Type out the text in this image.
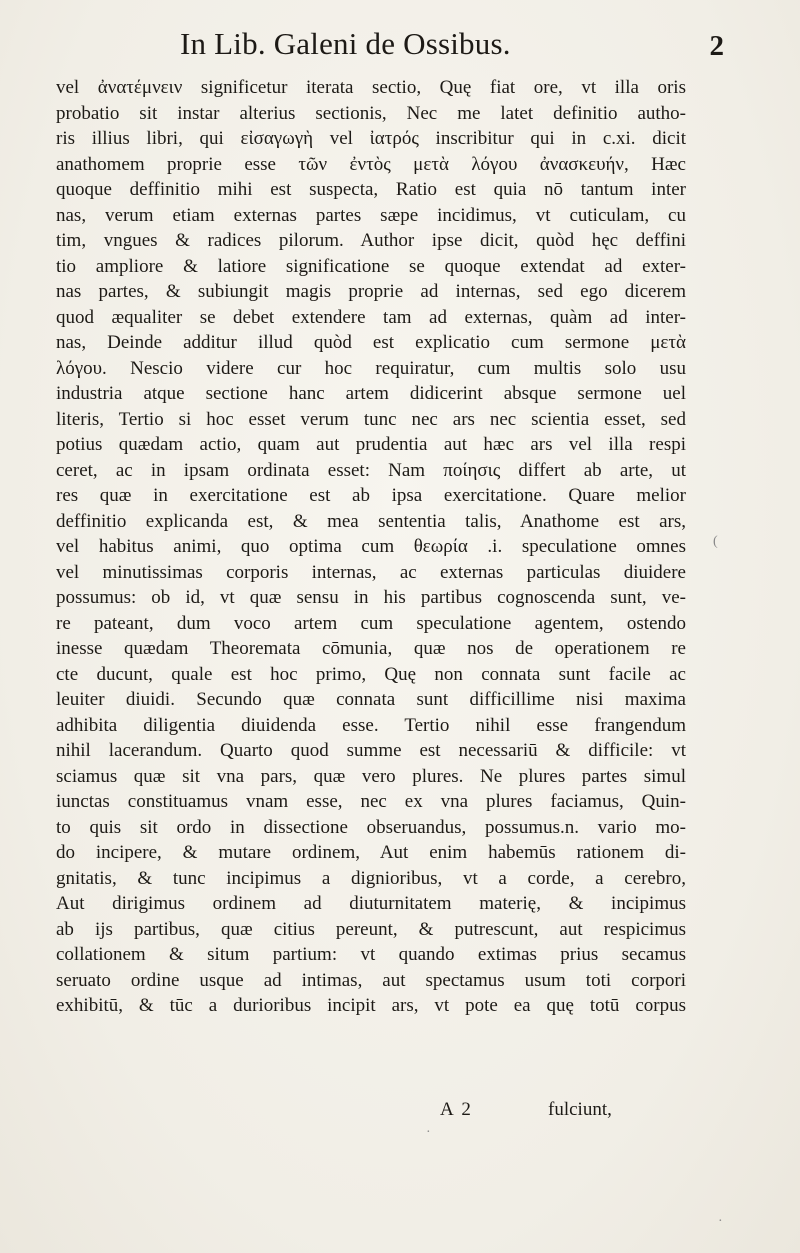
In Lib. Galeni de Ossibus.	2
vel ἀνατέμνειν significetur iterata sectio, Quę fiat ore, vt illa oris
probatio sit instar alterius sectionis, Nec me latet definitio autho-
ris illius libri, qui εἰσαγωγὴ vel ἰατρός inscribitur qui in c.xi. dicit
anathomem proprie esse τῶν ἐντὸς μετὰ λόγου ἀνασκευήν, Hæc
quoque deffinitio mihi est suspecta, Ratio est quia nō tantum inter
nas, verum etiam externas partes sæpe incidimus, vt cuticulam, cu
tim, vngues & radices pilorum. Author ipse dicit, quòd hęc deffini
tio ampliore & latiore significatione se quoque extendat ad exter-
nas partes, & subiungit magis proprie ad internas, sed ego dicerem
quod æqualiter se debet extendere tam ad externas, quàm ad inter-
nas, Deinde additur illud quòd est explicatio cum sermone μετὰ
λόγου. Nescio videre cur hoc requiratur, cum multis solo usu
industria atque sectione hanc artem didicerint absque sermone uel
literis, Tertio si hoc esset verum tunc nec ars nec scientia esset, sed
potius quædam actio, quam aut prudentia aut hæc ars vel illa respi
ceret, ac in ipsam ordinata esset: Nam ποίησις differt ab arte, ut
res quæ in exercitatione est ab ipsa exercitatione. Quare melior
deffinitio explicanda est, & mea sententia talis, Anathome est ars,
vel habitus animi, quo optima cum θεωρία .i. speculatione omnes
vel minutissimas corporis internas, ac externas particulas diuidere
possumus: ob id, vt quæ sensu in his partibus cognoscenda sunt, ve-
re pateant, dum voco artem cum speculatione agentem, ostendo
inesse quædam Theoremata cōmunia, quæ nos de operationem re
cte ducunt, quale est hoc primo, Quę non connata sunt facile ac
leuiter diuidi. Secundo quæ connata sunt difficillime nisi maxima
adhibita diligentia diuidenda esse. Tertio nihil esse frangendum
nihil lacerandum. Quarto quod summe est necessariū & difficile: vt
sciamus quæ sit vna pars, quæ vero plures. Ne plures partes simul
iunctas constituamus vnam esse, nec ex vna plures faciamus, Quin-
to quis sit ordo in dissectione obseruandus, possumus.n. vario mo-
do incipere, & mutare ordinem, Aut enim habemūs rationem di-
gnitatis, & tunc incipimus a dignioribus, vt a corde, a cerebro,
Aut dirigimus ordinem ad diuturnitatem materię, & incipimus
ab ijs partibus, quæ citius pereunt, & putrescunt, aut respicimus
collationem & situm partium: vt quando extimas prius secamus
seruato ordine usque ad intimas, aut spectamus usum toti corpori
exhibitū, & tūc a durioribus incipit ars, vt pote ea quę totū corpus
A 2	fulciunt,
(
·
·
